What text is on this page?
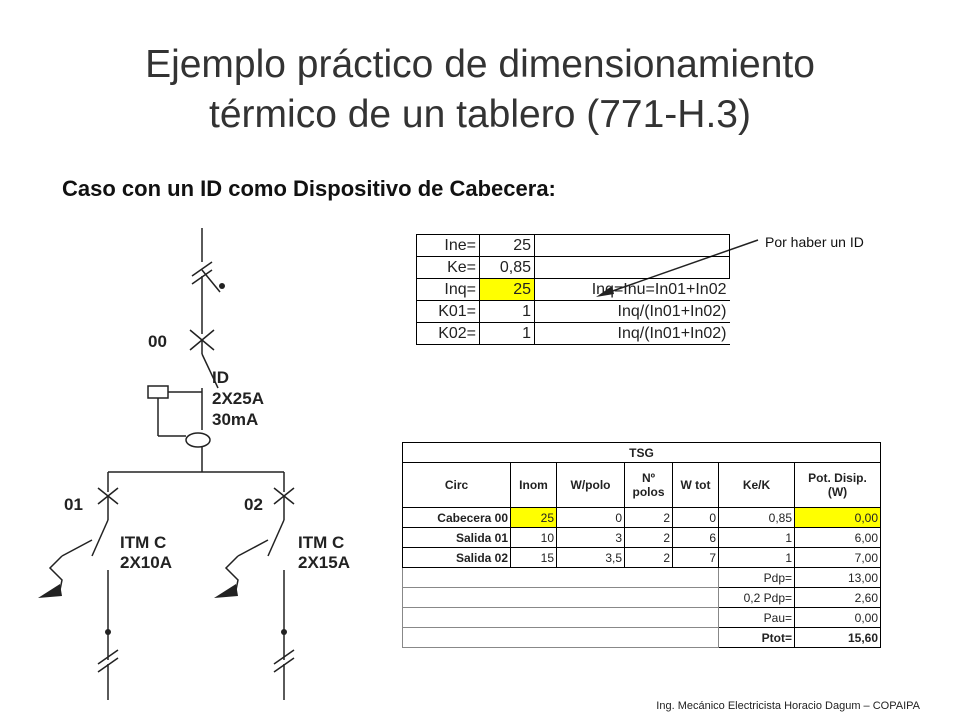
Ejemplo práctico de dimensionamiento
térmico de un tablero (771-H.3)
Caso con un ID como Dispositivo de Cabecera:
00
ID
2X25A
30mA
01	02
ITM C
2X10A
ITM C
2X15A
Por haber un ID
Ine=	25	
Ke=	0,85	
Inq=	25	Inq=Inu=In01+In02
K01=	1	Inq/(In01+In02)
K02=	1	Inq/(In01+In02)
TSG						
Circ	Inom	W/polo	Nº polos	W tot	Ke/K	Pot. Disip. (W)
Cabecera 00	25	0	2	0	0,85	0,00
Salida 01	10	3	2	6	1	6,00
Salida 02	15	3,5	2	7	1	7,00
					Pdp=	13,00
					0,2 Pdp=	2,60
					Pau=	0,00
					Ptot=	15,60
Ing. Mecánico Electricista Horacio Dagum – COPAIPA
